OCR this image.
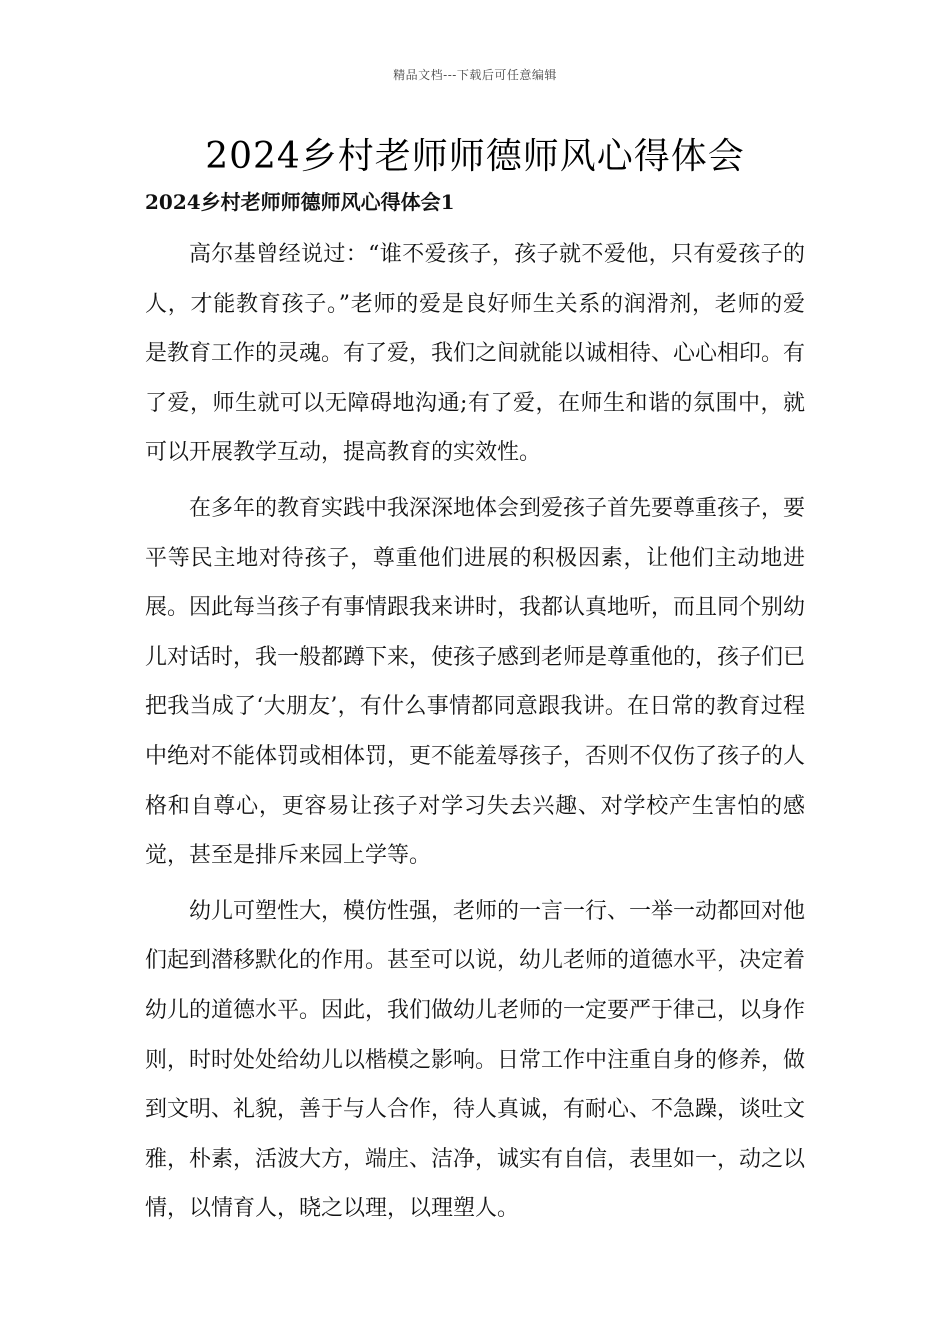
精品文档---下载后可任意编辑
2024乡村老师师德师风心得体会
2024乡村老师师德师风心得体会1

高尔基曾经说过：“谁不爱孩子，孩子就不爱他，只有爱孩子的人，才能教育孩子。”老师的爱是良好师生关系的润滑剂，老师的爱是教育工作的灵魂。有了爱，我们之间就能以诚相待、心心相印。有了爱，师生就可以无障碍地沟通;有了爱，在师生和谐的氛围中，就可以开展教学互动，提高教育的实效性。

在多年的教育实践中我深深地体会到爱孩子首先要尊重孩子，要平等民主地对待孩子，尊重他们进展的积极因素，让他们主动地进展。因此每当孩子有事情跟我来讲时，我都认真地听，而且同个别幼儿对话时，我一般都蹲下来，使孩子感到老师是尊重他的，孩子们已把我当成了‘大朋友’，有什么事情都同意跟我讲。在日常的教育过程中绝对不能体罚或相体罚，更不能羞辱孩子，否则不仅伤了孩子的人格和自尊心，更容易让孩子对学习失去兴趣、对学校产生害怕的感觉，甚至是排斥来园上学等。

幼儿可塑性大，模仿性强，老师的一言一行、一举一动都回对他们起到潜移默化的作用。甚至可以说，幼儿老师的道德水平，决定着幼儿的道德水平。因此，我们做幼儿老师的一定要严于律己，以身作则，时时处处给幼儿以楷模之影响。日常工作中注重自身的修养，做到文明、礼貌，善于与人合作，待人真诚，有耐心、不急躁，谈吐文雅，朴素，活波大方，端庄、洁净，诚实有自信，表里如一，动之以情，以情育人，晓之以理，以理塑人。
